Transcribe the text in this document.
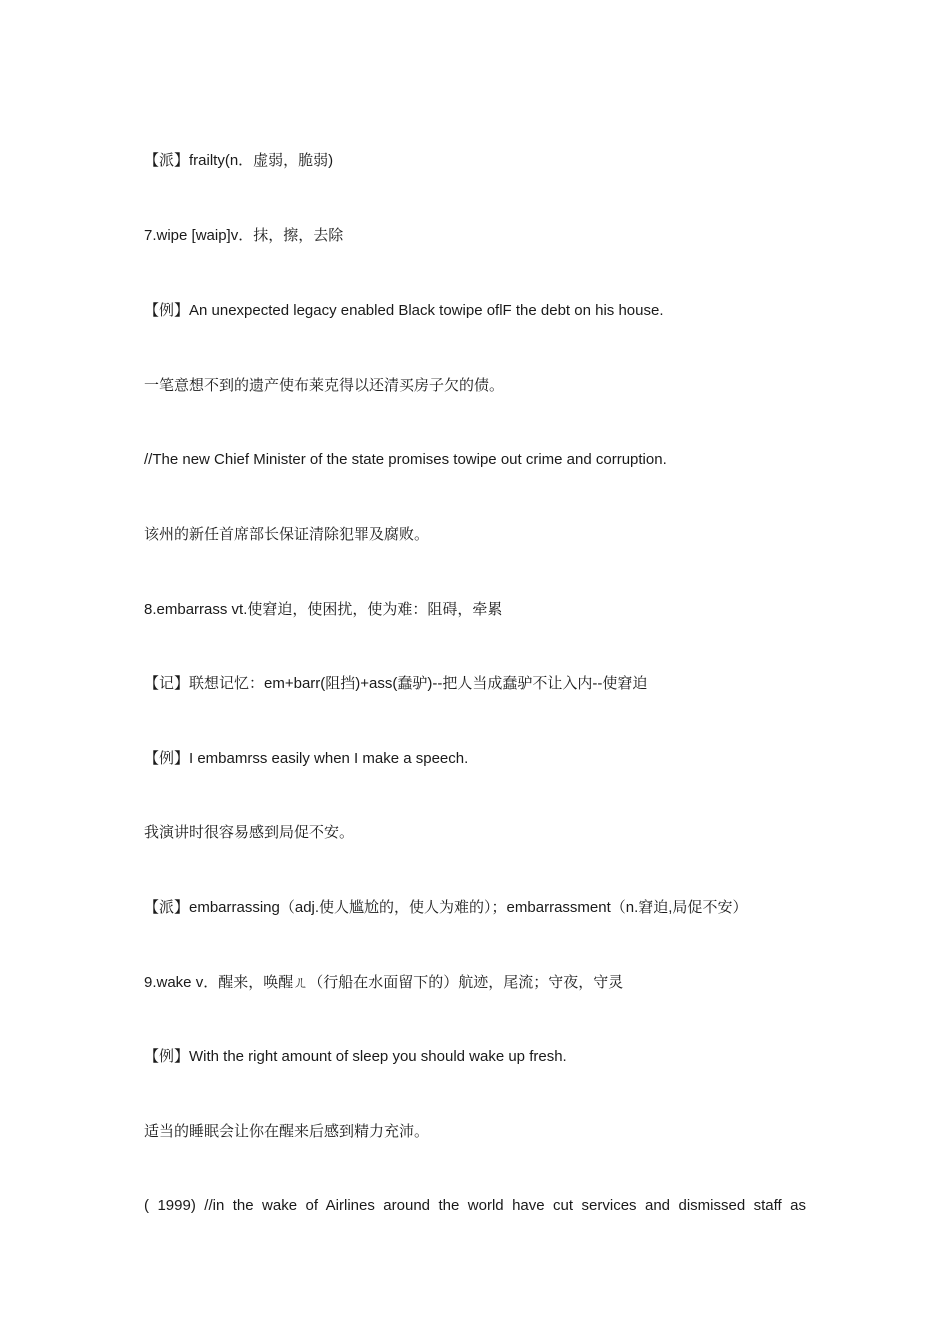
【派】frailty(n．虚弱，脆弱)
7.wipe [waip]v．抹，擦，去除
【例】An unexpected legacy enabled Black towipe oflF the debt on his house.
一笔意想不到的遗产使布莱克得以还清买房子欠的债。
//The new Chief Minister of the state promises towipe out crime and corruption.
该州的新任首席部长保证清除犯罪及腐败。
8.embarrass vt.使窘迫，使困扰，使为难：阻碍，牵累
【记】联想记忆：em+barr(阻挡)+ass(蠢驴)--把人当成蠢驴不让入内--使窘迫
【例】I embamrss easily when I make a speech.
我演讲时很容易感到局促不安。
【派】embarrassing（adj.使人尴尬的，使人为难的）；embarrassment（n.窘迫,局促不安）
9.wake v．醒来，唤醒ㄦ（行船在水面留下的）航迹，尾流；守夜，守灵
【例】With the right amount of sleep you should wake up fresh.
适当的睡眠会让你在醒来后感到精力充沛。
( 1999) //in the wake of Airlines around the world have cut services and dismissed staff as
